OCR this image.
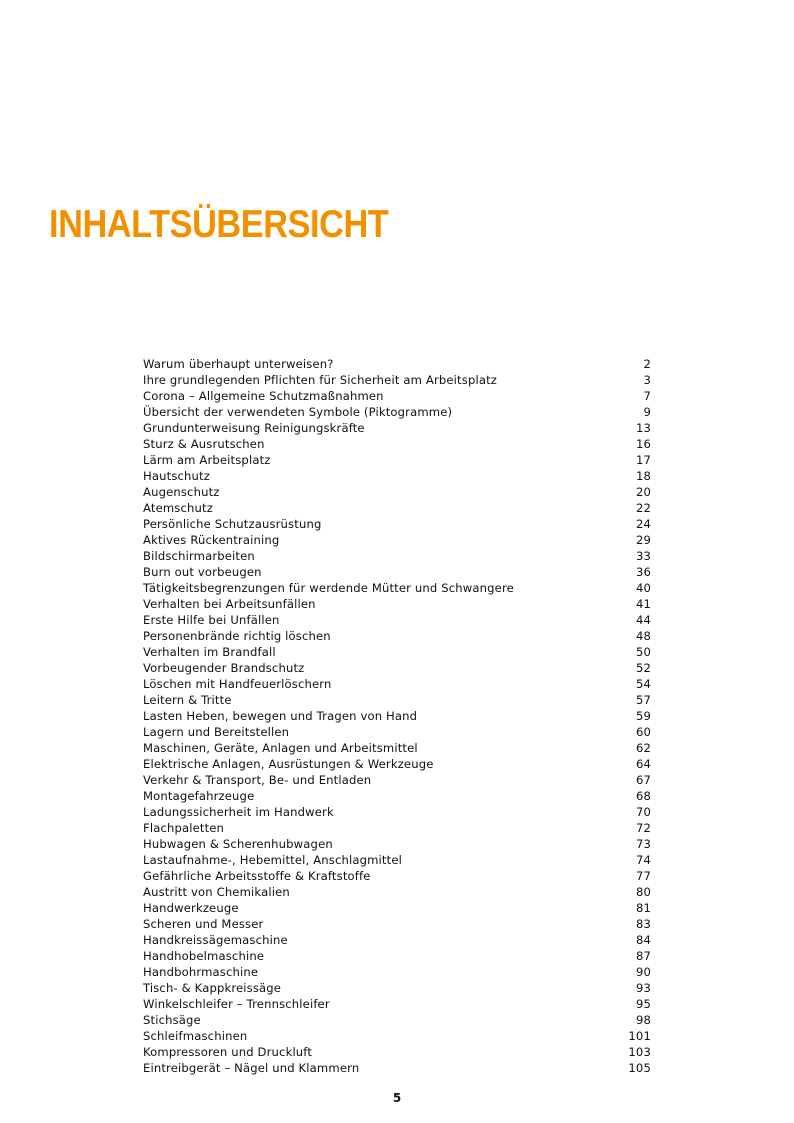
INHALTSÜBERSICHT
Warum überhaupt unterweisen?	2
Ihre grundlegenden Pflichten für Sicherheit am Arbeitsplatz	3
Corona – Allgemeine Schutzmaßnahmen	7
Übersicht der verwendeten Symbole (Piktogramme)	9
Grundunterweisung Reinigungskräfte	13
Sturz & Ausrutschen	16
Lärm am Arbeitsplatz	17
Hautschutz	18
Augenschutz	20
Atemschutz	22
Persönliche Schutzausrüstung	24
Aktives Rückentraining	29
Bildschirmarbeiten	33
Burn out vorbeugen	36
Tätigkeitsbegrenzungen für werdende Mütter und Schwangere	40
Verhalten bei Arbeitsunfällen	41
Erste Hilfe bei Unfällen	44
Personenbrände richtig löschen	48
Verhalten im Brandfall	50
Vorbeugender Brandschutz	52
Löschen mit Handfeuerlöschern	54
Leitern & Tritte	57
Lasten Heben, bewegen und Tragen von Hand	59
Lagern und Bereitstellen	60
Maschinen, Geräte, Anlagen und Arbeitsmittel	62
Elektrische Anlagen, Ausrüstungen & Werkzeuge	64
Verkehr & Transport, Be- und Entladen	67
Montagefahrzeuge	68
Ladungssicherheit im Handwerk	70
Flachpaletten	72
Hubwagen & Scherenhubwagen	73
Lastaufnahme-, Hebemittel, Anschlagmittel	74
Gefährliche Arbeitsstoffe & Kraftstoffe	77
Austritt von Chemikalien	80
Handwerkzeuge	81
Scheren und Messer	83
Handkreissägemaschine	84
Handhobelmaschine	87
Handbohrmaschine	90
Tisch- & Kappkreissäge	93
Winkelschleifer – Trennschleifer	95
Stichsäge	98
Schleifmaschinen	101
Kompressoren und Druckluft	103
Eintreibgerät – Nägel und Klammern	105
5
